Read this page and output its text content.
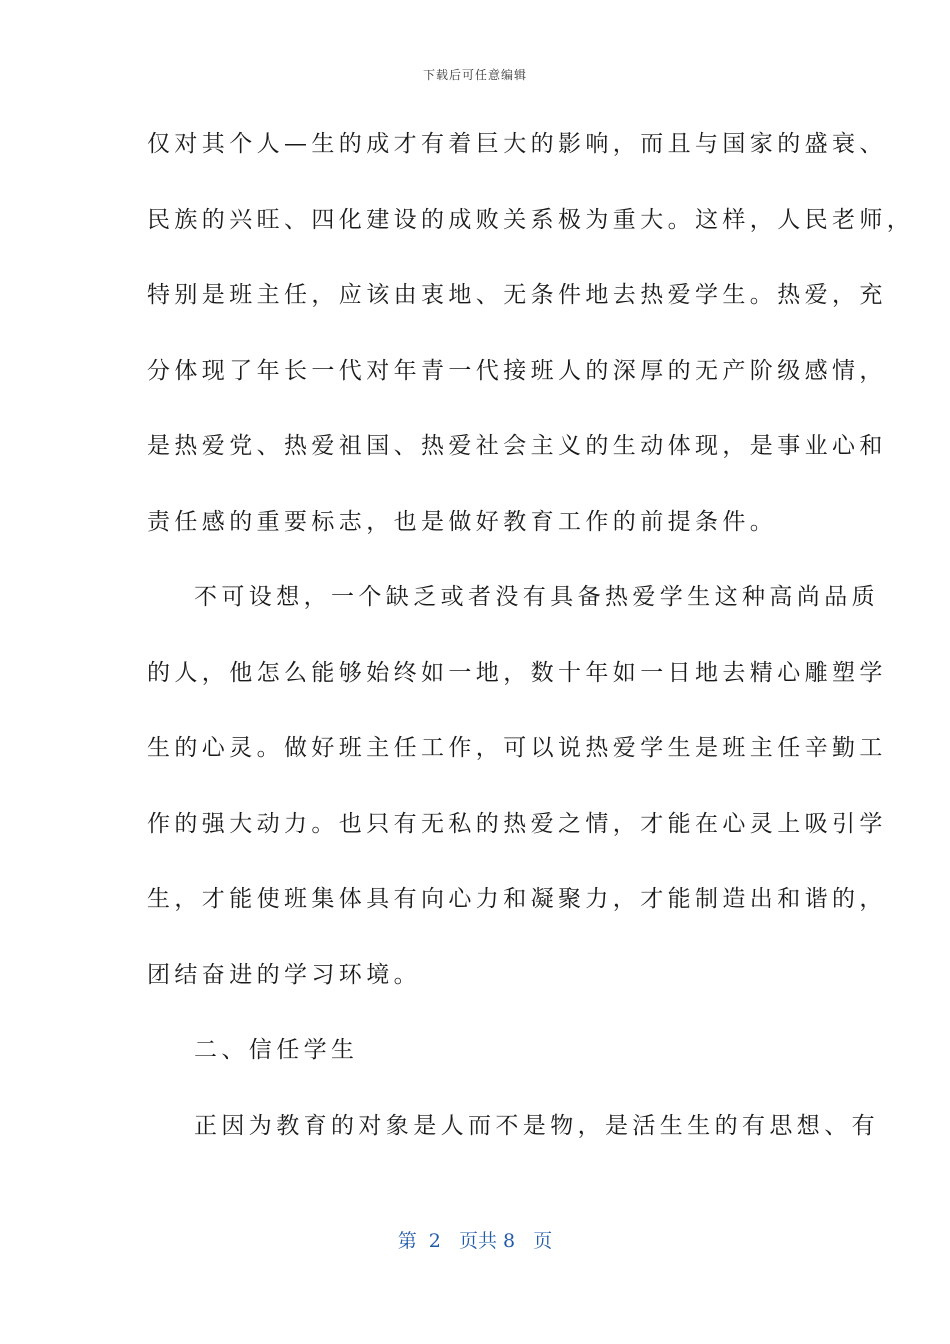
下载后可任意编辑
仅对其个人—生的成才有着巨大的影响，而且与国家的盛衰、
民族的兴旺、四化建设的成败关系极为重大。这样，人民老师，
特别是班主任，应该由衷地、无条件地去热爱学生。热爱，充
分体现了年长一代对年青一代接班人的深厚的无产阶级感情，
是热爱党、热爱祖国、热爱社会主义的生动体现，是事业心和
责任感的重要标志，也是做好教育工作的前提条件。
不可设想，一个缺乏或者没有具备热爱学生这种高尚品质
的人，他怎么能够始终如一地，数十年如一日地去精心雕塑学
生的心灵。做好班主任工作，可以说热爱学生是班主任辛勤工
作的强大动力。也只有无私的热爱之情，才能在心灵上吸引学
生，才能使班集体具有向心力和凝聚力，才能制造出和谐的，
团结奋进的学习环境。
二、信任学生
正因为教育的对象是人而不是物，是活生生的有思想、有
第  2   页共 8   页
